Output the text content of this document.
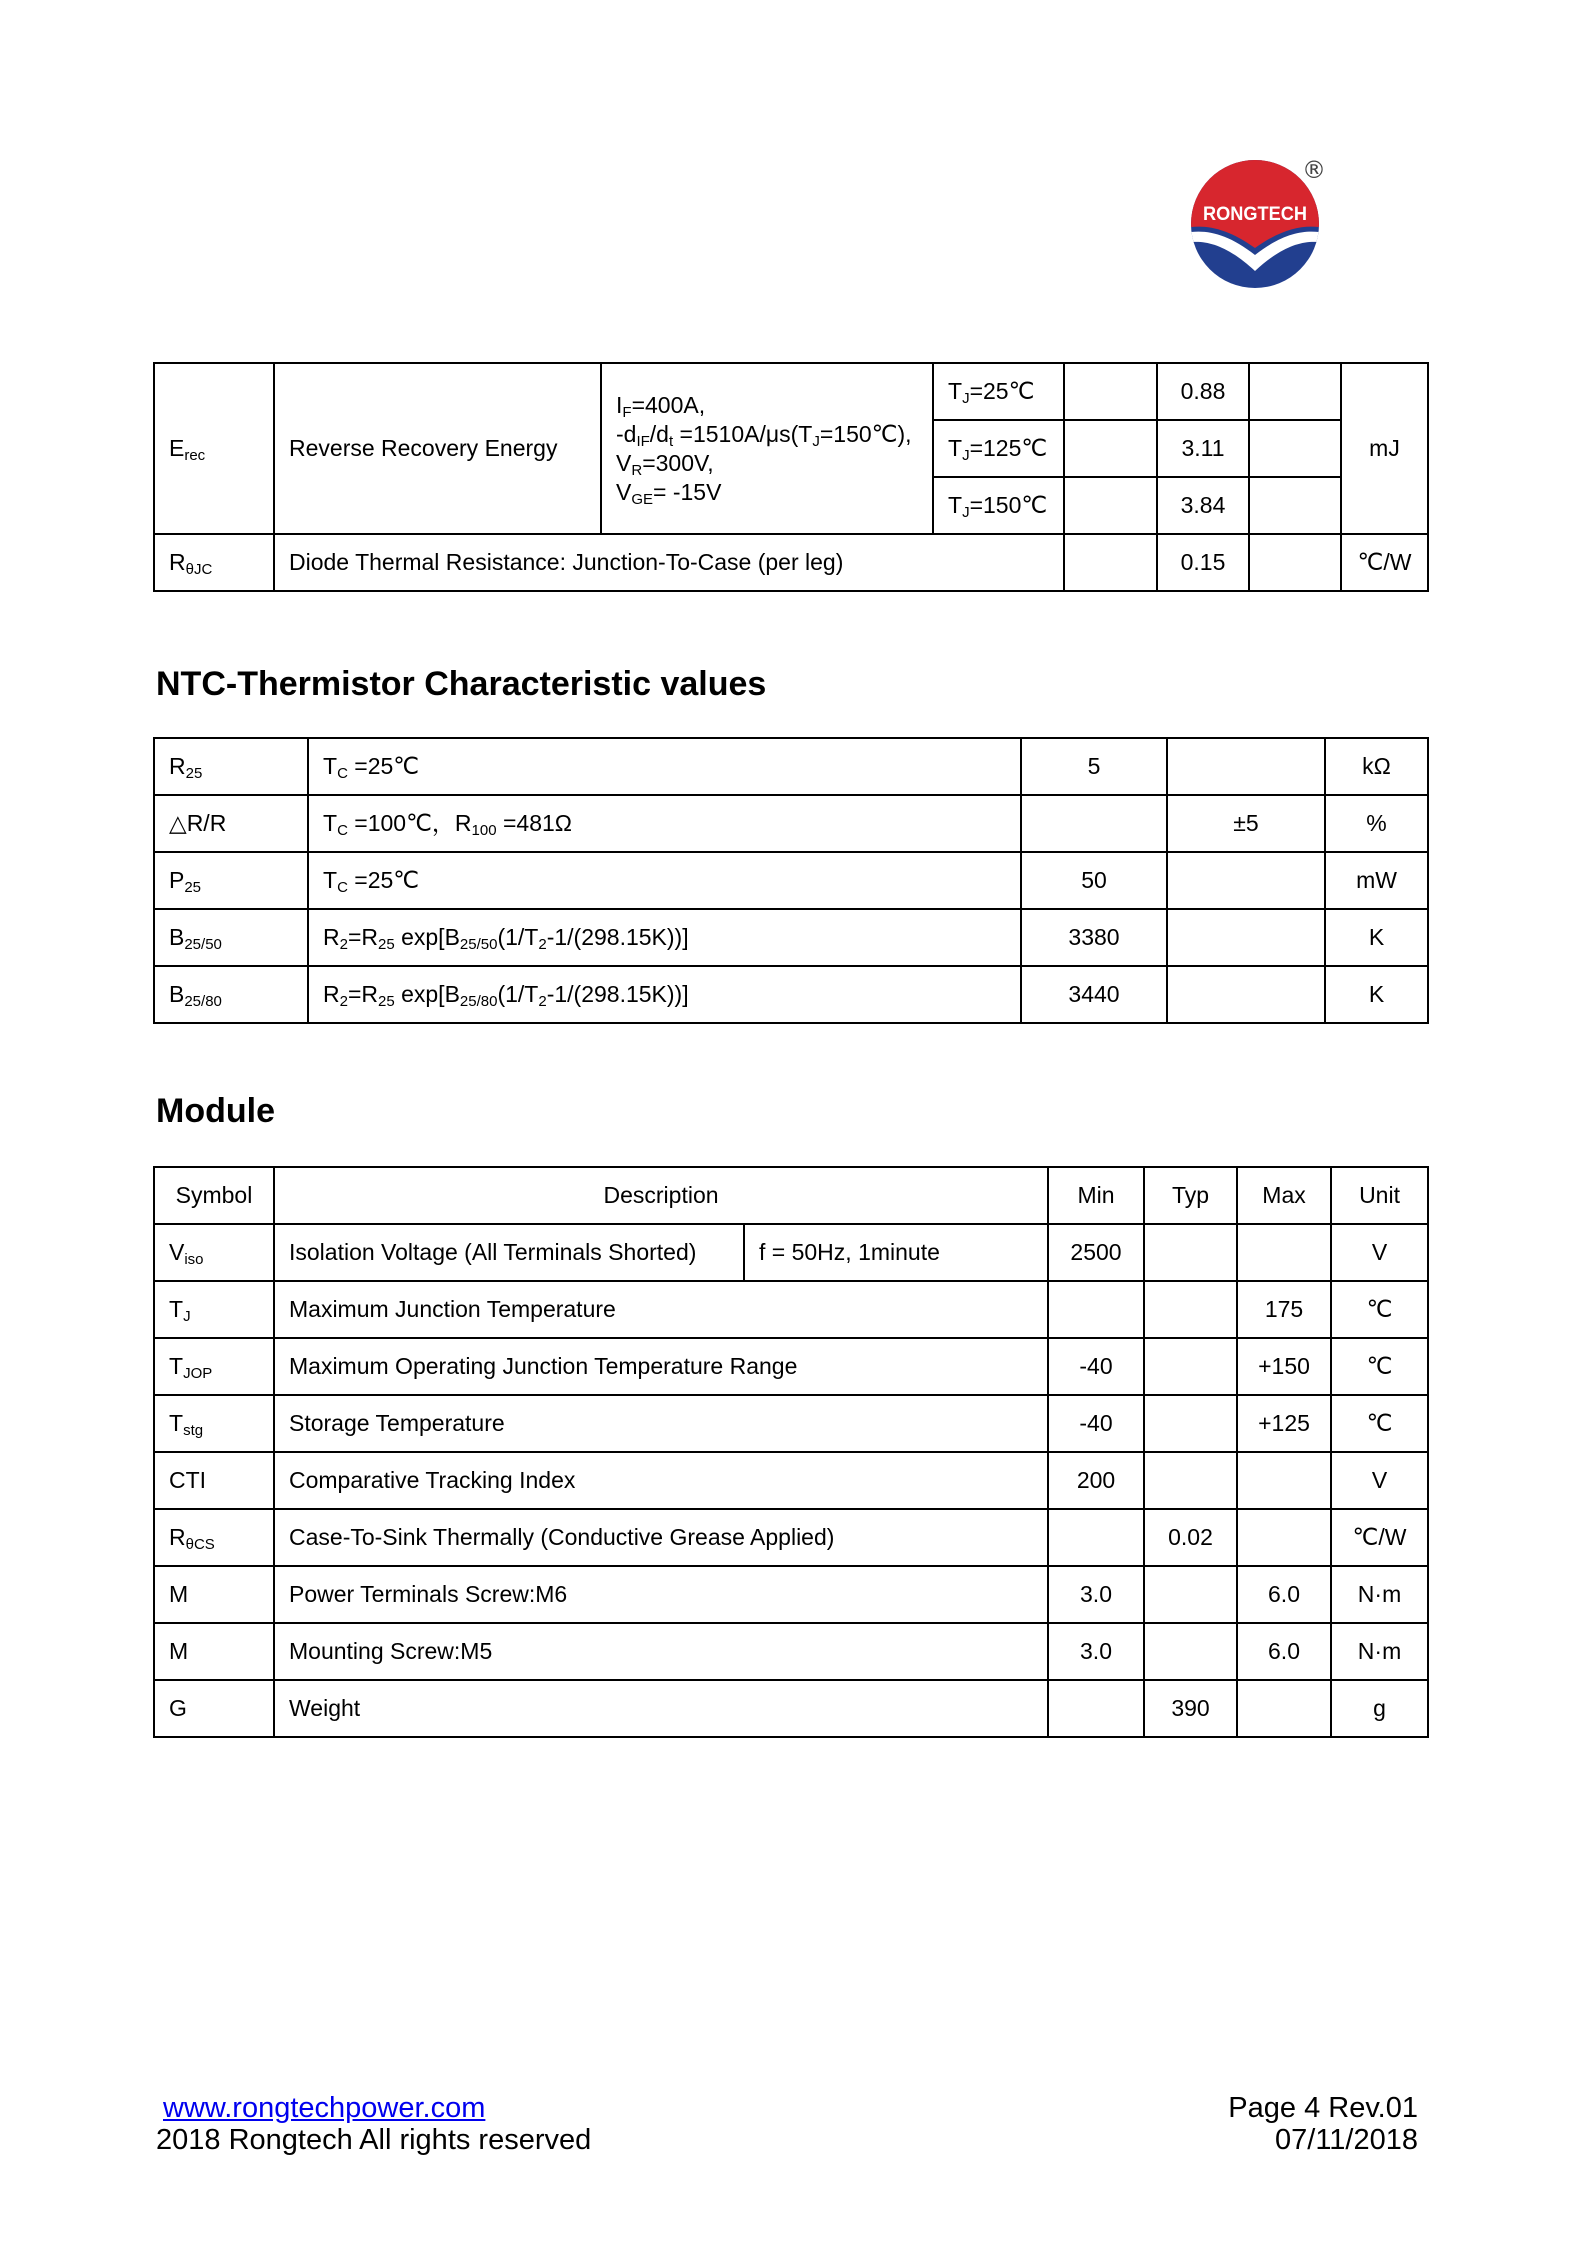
RONGTECH
®
$E_{rec}$	Reverse Recovery Energy	$I_F=400A$,
$-d_{IF}/d_t$ $=1510A/\mu s(T_J=150℃)$,
$V_R=300V$,
$V_{GE}= -15V$	$T_J=25℃$		0.88		mJ
			$T_J=125℃$		3.11		
			$T_J=150℃$		3.84		
$R_{\theta JC}$	Diode Thermal Resistance: Junction-To-Case (per leg)				0.15		℃/W
NTC-Thermistor Characteristic values
$R_{25}$	$T_C$ =25℃	5		kΩ
△R/R	$T_C$ =100℃，$R_{100} =481\Omega$		±5	%
$P_{25}$	$T_C$ =25℃	50		mW
$B_{25/50}$	$R_2=R_{25}$ $\exp[B_{25/50}(1/T_2-1/(298.15K))]$	3380		K
$B_{25/80}$	$R_2=R_{25}$ $\exp[B_{25/80}(1/T_2-1/(298.15K))]$	3440		K
Module
Symbol	Description		Min	Typ	Max	Unit
$V_{iso}$	Isolation Voltage (All Terminals Shorted)	f = 50Hz, 1minute	2500			V
$T_J$	Maximum Junction Temperature				175	℃
$T_{JOP}$	Maximum Operating Junction Temperature Range		-40		+150	℃
$T_{stg}$	Storage Temperature		-40		+125	℃
CTI	Comparative Tracking Index		200			V
$R_{\theta CS}$	Case-To-Sink Thermally (Conductive Grease Applied)			0.02		℃/W
M	Power Terminals Screw:M6		3.0		6.0	N·m
M	Mounting Screw:M5		3.0		6.0	N·m
G	Weight			390		g
www.rongtechpower.com
2018 Rongtech All rights reserved
Page 4 Rev.01
07/11/2018
